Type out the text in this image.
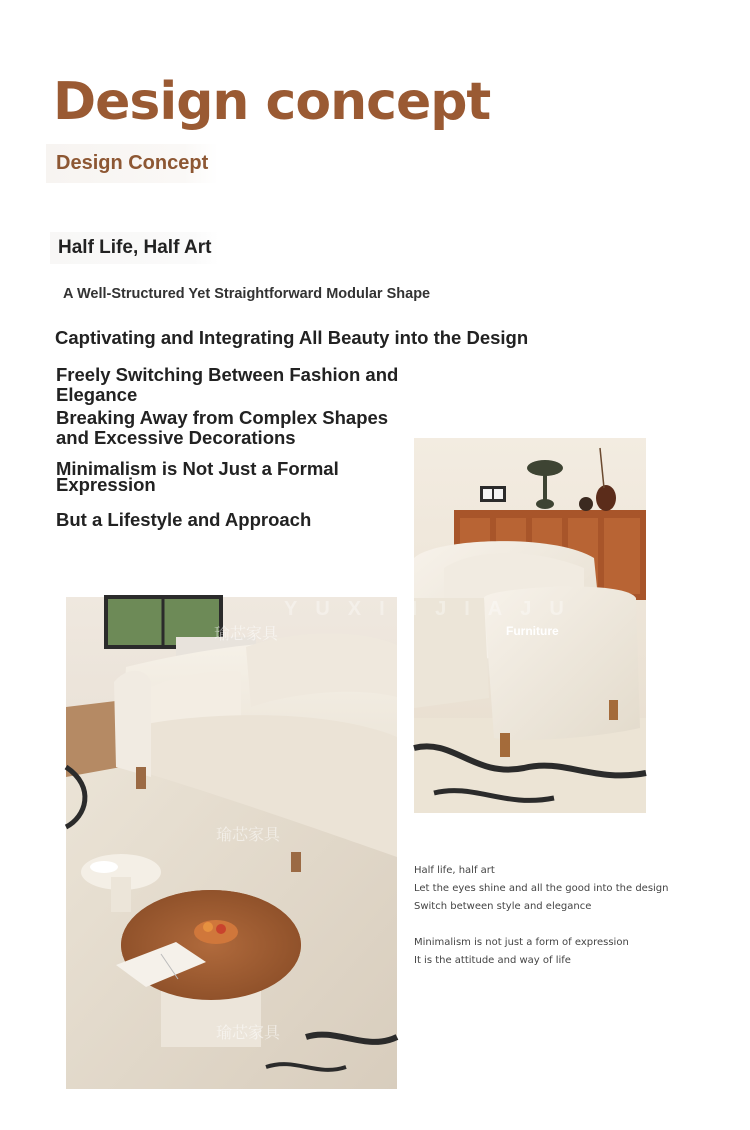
Design concept
Design Concept
Half Life, Half Art
A Well-Structured Yet Straightforward Modular Shape
Captivating and Integrating All Beauty into the Design
Freely Switching Between Fashion and Elegance
Breaking Away from Complex Shapes and Excessive Decorations
Minimalism is Not Just a Formal Expression
But a Lifestyle and Approach
瑜芯家具
瑜芯家具
瑜芯家具
YUXINJIAJU
Furniture
Half life, half art
Let the eyes shine and all the good into the design
Switch between style and elegance
Minimalism is not just a form of expression
It is the attitude and way of life
